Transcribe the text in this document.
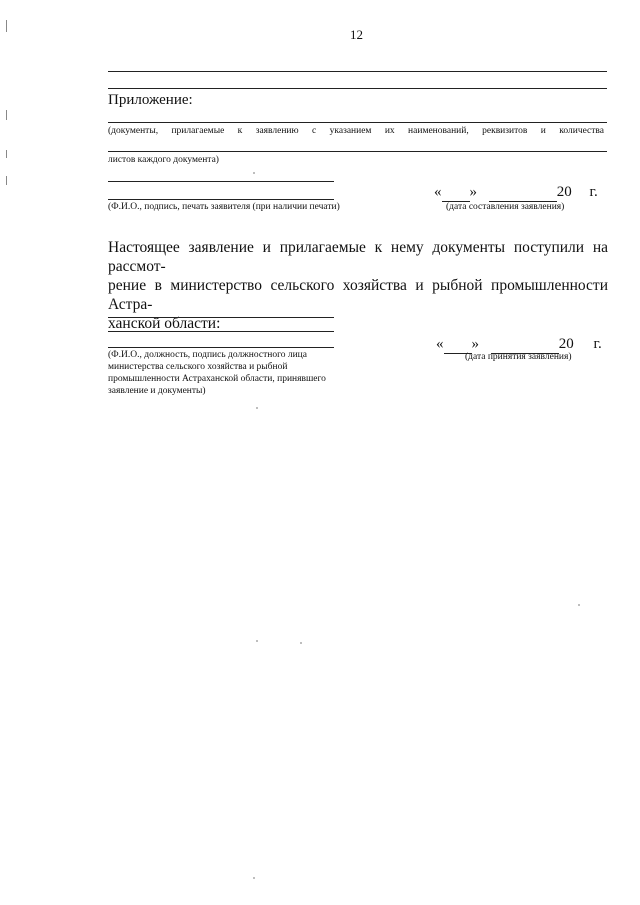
12
Приложение:
(документы, прилагаемые к заявлению с указанием их наименований, реквизитов и количества
листов каждого документа)
(Ф.И.О., подпись, печать заявителя (при наличии печати)
« »	20 г.
(дата составления заявления)
Настоящее заявление и прилагаемые к нему документы поступили на рассмот-
рение в министерство сельского хозяйства и рыбной промышленности Астра-
ханской области:
(Ф.И.О., должность, подпись должностного лица министерства сельского хозяйства и рыбной промышленности Астраханской области, принявшего заявление и документы)
« »	20 г.
(дата принятия заявления)
